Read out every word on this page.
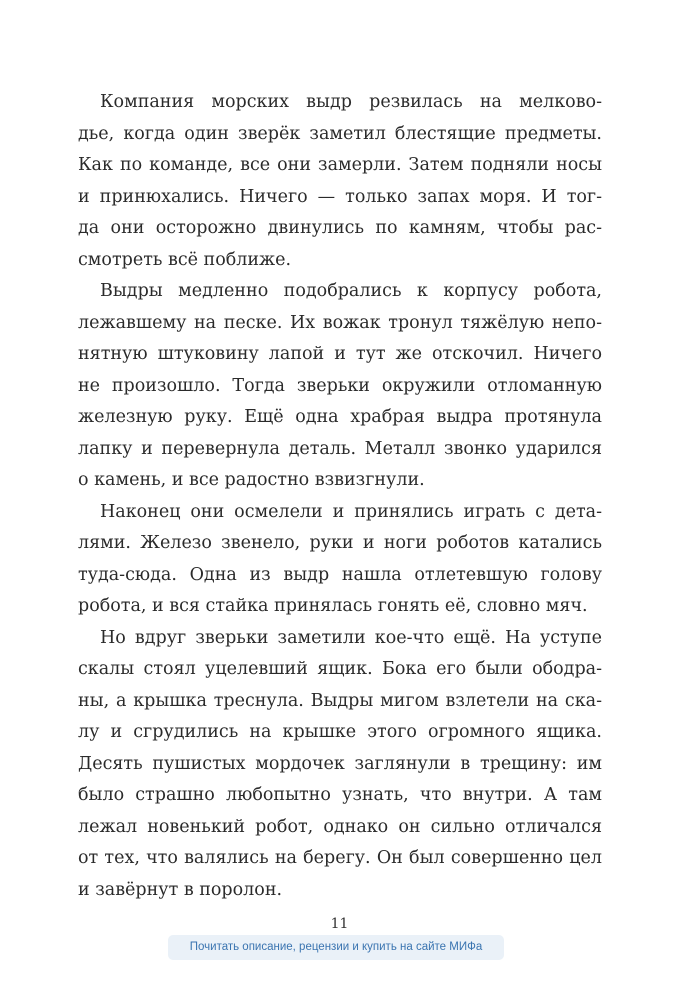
Компания морских выдр резвилась на мелково-
дье, когда один зверёк заметил блестящие предметы.
Как по команде, все они замерли. Затем подняли носы
и принюхались. Ничего — только запах моря. И тог-
да они осторожно двинулись по камням, чтобы рас-
смотреть всё поближе.
Выдры медленно подобрались к корпусу робота,
лежавшему на песке. Их вожак тронул тяжёлую непо-
нятную штуковину лапой и тут же отскочил. Ничего
не произошло. Тогда зверьки окружили отломанную
железную руку. Ещё одна храбрая выдра протянула
лапку и перевернула деталь. Металл звонко ударился
о камень, и все радостно взвизгнули.
Наконец они осмелели и принялись играть с дета-
лями. Железо звенело, руки и ноги роботов катались
туда-сюда. Одна из выдр нашла отлетевшую голову
робота, и вся стайка принялась гонять её, словно мяч.
Но вдруг зверьки заметили кое-что ещё. На уступе
скалы стоял уцелевший ящик. Бока его были ободра-
ны, а крышка треснула. Выдры мигом взлетели на ска-
лу и сгрудились на крышке этого огромного ящика.
Десять пушистых мордочек заглянули в трещину: им
было страшно любопытно узнать, что внутри. А там
лежал новенький робот, однако он сильно отличался
от тех, что валялись на берегу. Он был совершенно цел
и завёрнут в поролон.
11
Почитать описание, рецензии и купить на сайте МИФа
